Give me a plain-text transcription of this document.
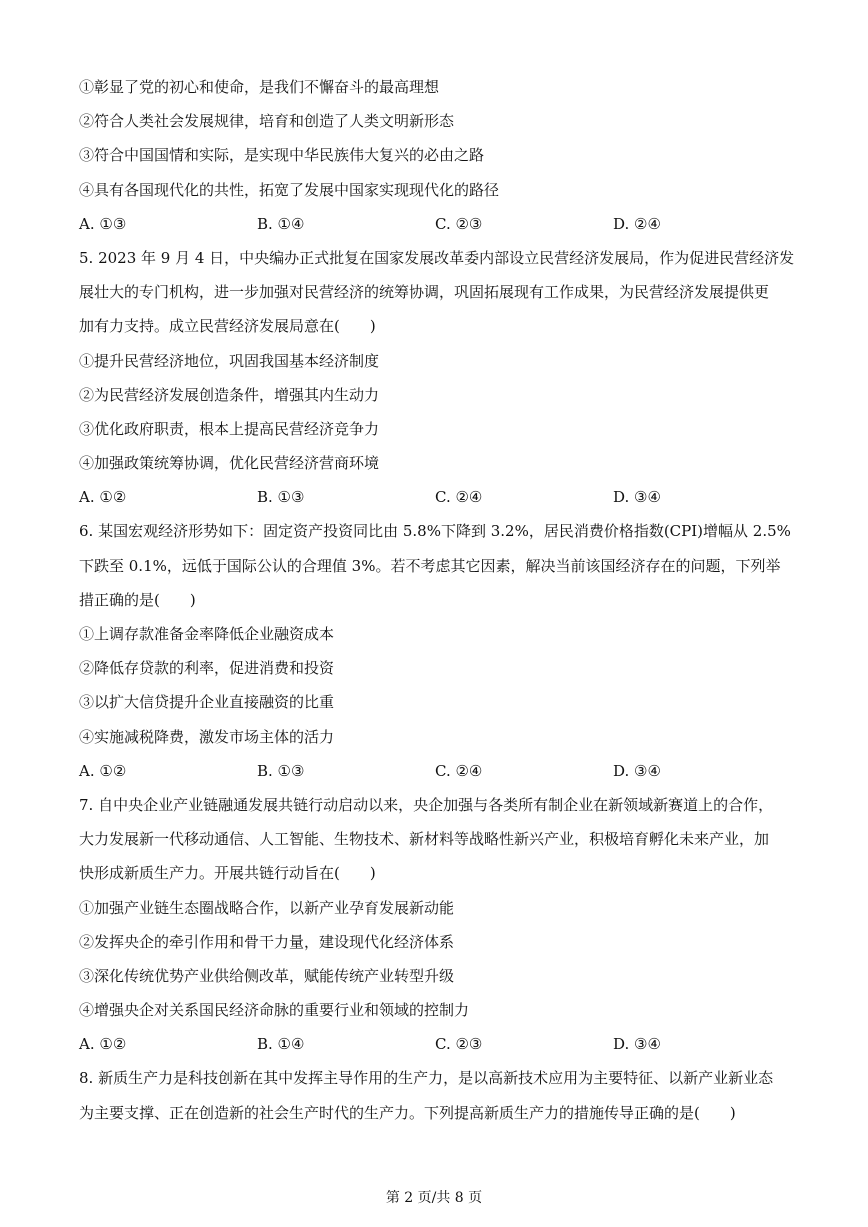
①彰显了党的初心和使命，是我们不懈奋斗的最高理想
②符合人类社会发展规律，培育和创造了人类文明新形态
③符合中国国情和实际，是实现中华民族伟大复兴的必由之路
④具有各国现代化的共性，拓宽了发展中国家实现现代化的路径
A. ①③	B. ①④	C. ②③	D. ②④
5. 2023 年 9 月 4 日，中央编办正式批复在国家发展改革委内部设立民营经济发展局，作为促进民营经济发
展壮大的专门机构，进一步加强对民营经济的统筹协调，巩固拓展现有工作成果，为民营经济发展提供更
加有力支持。成立民营经济发展局意在(　　)
①提升民营经济地位，巩固我国基本经济制度
②为民营经济发展创造条件，增强其内生动力
③优化政府职责，根本上提高民营经济竞争力
④加强政策统筹协调，优化民营经济营商环境
A. ①②	B. ①③	C. ②④	D. ③④
6. 某国宏观经济形势如下：固定资产投资同比由 5.8%下降到 3.2%，居民消费价格指数(CPI)增幅从 2.5%
下跌至 0.1%，远低于国际公认的合理值 3%。若不考虑其它因素，解决当前该国经济存在的问题，下列举
措正确的是(　　)
①上调存款准备金率降低企业融资成本
②降低存贷款的利率，促进消费和投资
③以扩大信贷提升企业直接融资的比重
④实施减税降费，激发市场主体的活力
A. ①②	B. ①③	C. ②④	D. ③④
7. 自中央企业产业链融通发展共链行动启动以来，央企加强与各类所有制企业在新领域新赛道上的合作，
大力发展新一代移动通信、人工智能、生物技术、新材料等战略性新兴产业，积极培育孵化未来产业，加
快形成新质生产力。开展共链行动旨在(　　)
①加强产业链生态圈战略合作，以新产业孕育发展新动能
②发挥央企的牵引作用和骨干力量，建设现代化经济体系
③深化传统优势产业供给侧改革，赋能传统产业转型升级
④增强央企对关系国民经济命脉的重要行业和领域的控制力
A. ①②	B. ①④	C. ②③	D. ③④
8. 新质生产力是科技创新在其中发挥主导作用的生产力，是以高新技术应用为主要特征、以新产业新业态
为主要支撑、正在创造新的社会生产时代的生产力。下列提高新质生产力的措施传导正确的是(　　)
第 2 页/共 8 页
